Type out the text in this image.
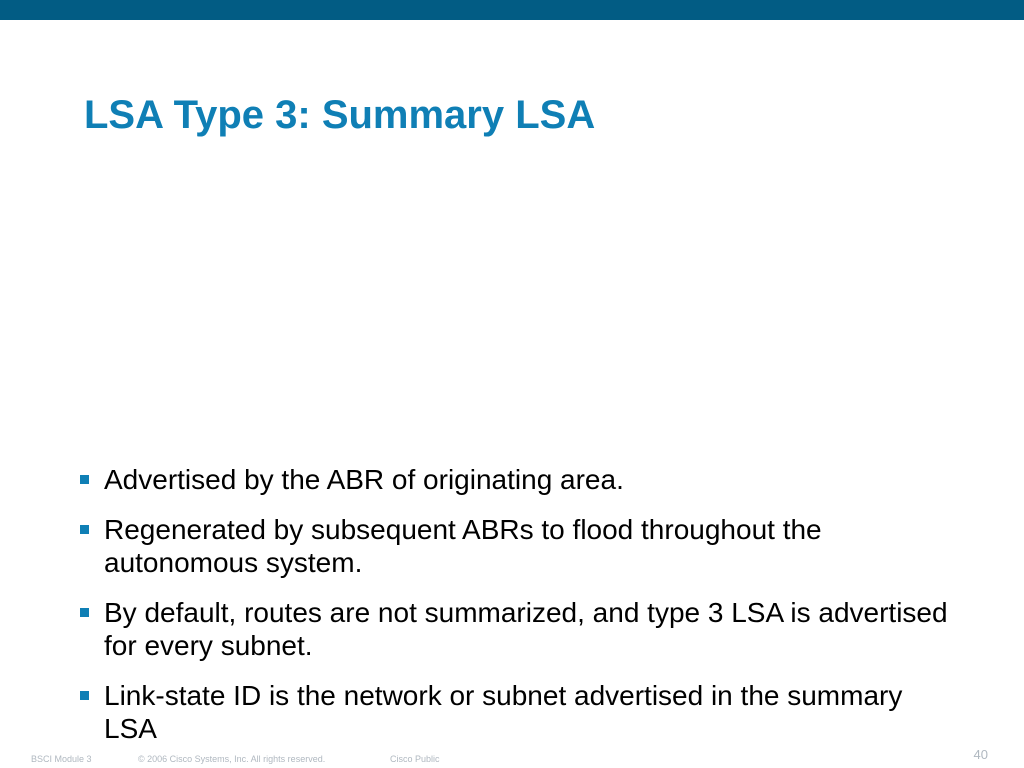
LSA Type 3: Summary LSA
Advertised by the ABR of originating area.
Regenerated by subsequent ABRs to flood throughout the autonomous system.
By default, routes are not summarized, and type 3 LSA is advertised for every subnet.
Link-state ID is the network or subnet advertised in the summary LSA
BSCI Module 3	© 2006 Cisco Systems, Inc. All rights reserved.	Cisco Public	40
